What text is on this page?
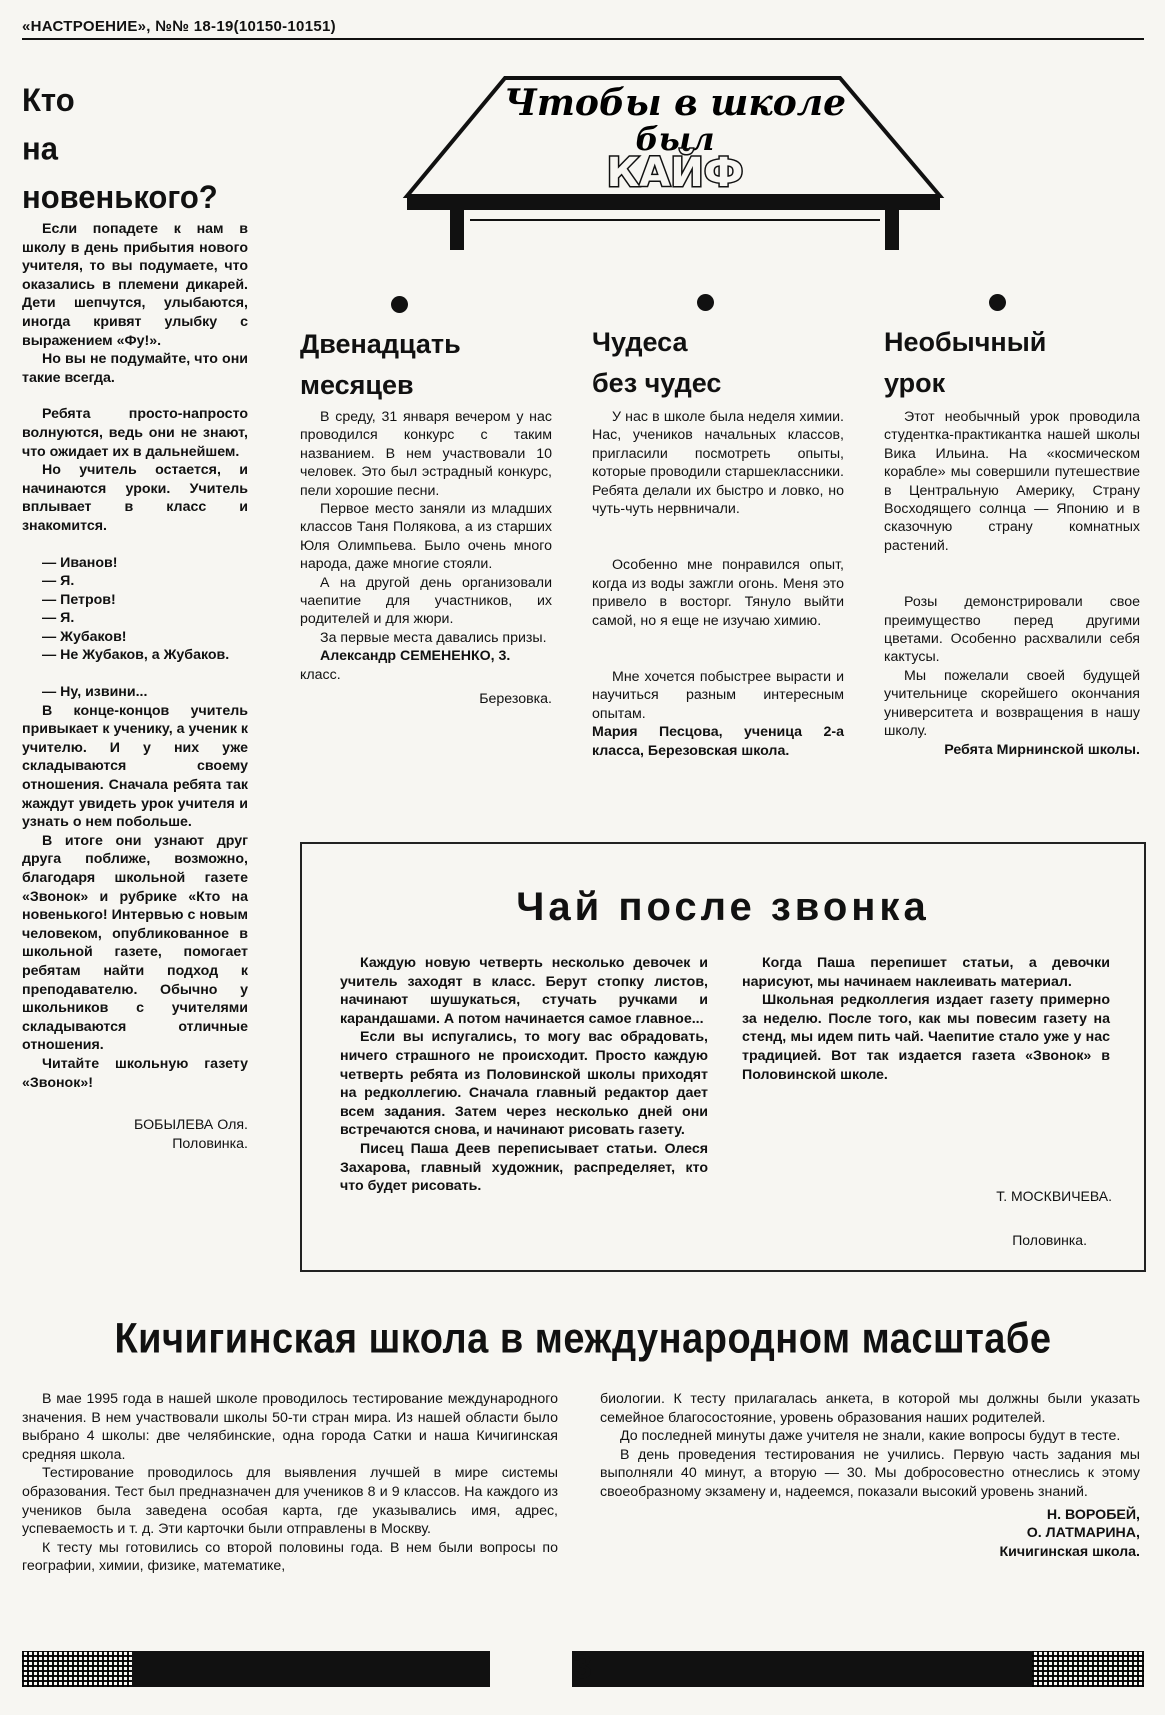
«НАСТРОЕНИЕ», №№ 18-19(10150-10151)
Кто
на
новенького?

Если попадете к нам в школу в день прибытия нового учителя, то вы подумаете, что оказались в племени дикарей. Дети шепчутся, улыбаются, иногда кривят улыбку с выражением «Фу!».

Но вы не подумайте, что они такие всегда.

Ребята просто-напросто волнуются, ведь они не знают, что ожидает их в дальнейшем.

Но учитель остается, и начинаются уроки. Учитель вплывает в класс и знакомится.

— Иванов!

— Я.

— Петров!

— Я.

— Жубаков!

— Не Жубаков, а Жубаков.

— Ну, извини...

В конце-концов учитель привыкает к ученику, а ученик к учителю. И у них уже складываются своему отношения. Сначала ребята так жаждут увидеть урок учителя и узнать о нем побольше.

В итоге они узнают друг друга поближе, возможно, благодаря школьной газете «Звонок» и рубрике «Кто на новенького! Интервью с новым человеком, опубликованное в школьной газете, помогает ребятам найти подход к преподавателю. Обычно у школьников с учителями складываются отличные отношения.

Читайте школьную газету «Звонок»!

БОБЫЛЕВА Оля.
Половинка.
Чтобы в школе
был
КАЙФ
Двенадцать
месяцев

В среду, 31 января вечером у нас проводился конкурс с таким названием. В нем участвовали 10 человек. Это был эстрадный конкурс, пели хорошие песни.

Первое место заняли из младших классов Таня Полякова, а из старших Юля Олимпьева. Было очень много народа, даже многие стояли.

А на другой день организовали чаепитие для участников, их родителей и для жюри.

За первые места давались призы.

Александр СЕМЕНЕНКО, 3.

класс.
Березовка.
Чудеса
без чудес

У нас в школе была неделя химии. Нас, учеников начальных классов, пригласили посмотреть опыты, которые проводили старшеклассники. Ребята делали их быстро и ловко, но чуть-чуть нервничали.

Особенно мне понравился опыт, когда из воды зажгли огонь. Меня это привело в восторг. Тянуло выйти самой, но я еще не изучаю химию.

Мне хочется побыстрее вырасти и научиться разным интересным опытам.

Мария Песцова, ученица 2-а класса, Березовская школа.

Необычный
урок

Этот необычный урок проводила студентка-практикантка нашей школы Вика Ильина. На «космическом корабле» мы совершили путешествие в Центральную Америку, Страну Восходящего солнца — Японию и в сказочную страну комнатных растений.

Розы демонстрировали свое преимущество перед другими цветами. Особенно расхвалили себя кактусы.

Мы пожелали своей будущей учительнице скорейшего окончания университета и возвращения в нашу школу.

Ребята Мирнинской школы.
Чай после звонка

Каждую новую четверть несколько девочек и учитель заходят в класс. Берут стопку листов, начинают шушукаться, стучать ручками и карандашами. А потом начинается самое главное...

Если вы испугались, то могу вас обрадовать, ничего страшного не происходит. Просто каждую четверть ребята из Половинской школы приходят на редколлегию. Сначала главный редактор дает всем задания. Затем через несколько дней они встречаются снова, и начинают рисовать газету.

Писец Паша Деев переписывает статьи. Олеся Захарова, главный художник, распределяет, кто что будет рисовать.

Когда Паша перепишет статьи, а девочки нарисуют, мы начинаем наклеивать материал.

Школьная редколлегия издает газету примерно за неделю. После того, как мы повесим газету на стенд, мы идем пить чай. Чаепитие стало уже у нас традицией. Вот так издается газета «Звонок» в Половинской школе.

Т. МОСКВИЧЕВА.
Половинка.
Кичигинская школа в международном масштабе

В мае 1995 года в нашей школе проводилось тестирование международного значения. В нем участвовали школы 50-ти стран мира. Из нашей области было выбрано 4 школы: две челябинские, одна города Сатки и наша Кичигинская средняя школа.

Тестирование проводилось для выявления лучшей в мире системы образования. Тест был предназначен для учеников 8 и 9 классов. На каждого из учеников была заведена особая карта, где указывались имя, адрес, успеваемость и т. д. Эти карточки были отправлены в Москву.

К тесту мы готовились со второй половины года. В нем были вопросы по географии, химии, физике, математике,

биологии. К тесту прилагалась анкета, в которой мы должны были указать семейное благосостояние, уровень образования наших родителей.

До последней минуты даже учителя не знали, какие вопросы будут в тесте.

В день проведения тестирования не учились. Первую часть задания мы выполняли 40 минут, а вторую — 30. Мы добросовестно отнеслись к этому своеобразному экзамену и, надеемся, показали высокий уровень знаний.

Н. ВОРОБЕЙ,
О. ЛАТМАРИНА,
Кичигинская школа.
3
